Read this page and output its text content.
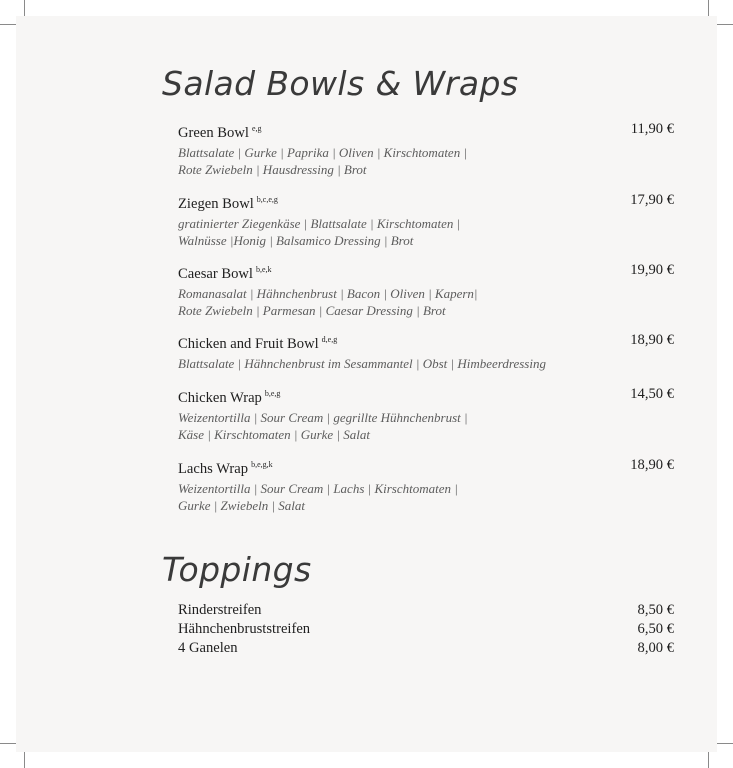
Salad Bowls & Wraps
Green Bowl $^{e,g}$	11,90 €
Blattsalate | Gurke | Paprika | Oliven | Kirschtomaten |
Rote Zwiebeln | Hausdressing | Brot
Ziegen Bowl $^{b,c,e,g}$	17,90 €
gratinierter Ziegenkäse | Blattsalate | Kirschtomaten |
Walnüsse |Honig | Balsamico Dressing | Brot
Caesar Bowl $^{b,e,k}$	19,90 €
Romanasalat | Hähnchenbrust | Bacon | Oliven | Kapern|
Rote Zwiebeln | Parmesan | Caesar Dressing | Brot
Chicken and Fruit Bowl $^{d,e,g}$	18,90 €
Blattsalate | Hähnchenbrust im Sesammantel | Obst | Himbeerdressing
Chicken Wrap $^{b,e,g}$	14,50 €
Weizentortilla | Sour Cream | gegrillte Hühnchenbrust |
Käse | Kirschtomaten | Gurke | Salat
Lachs Wrap $^{b,e,g,k}$	18,90 €
Weizentortilla | Sour Cream | Lachs | Kirschtomaten |
Gurke | Zwiebeln | Salat
Toppings
Rinderstreifen	8,50 €
Hähnchenbruststreifen	6,50 €
4 Ganelen	8,00 €
